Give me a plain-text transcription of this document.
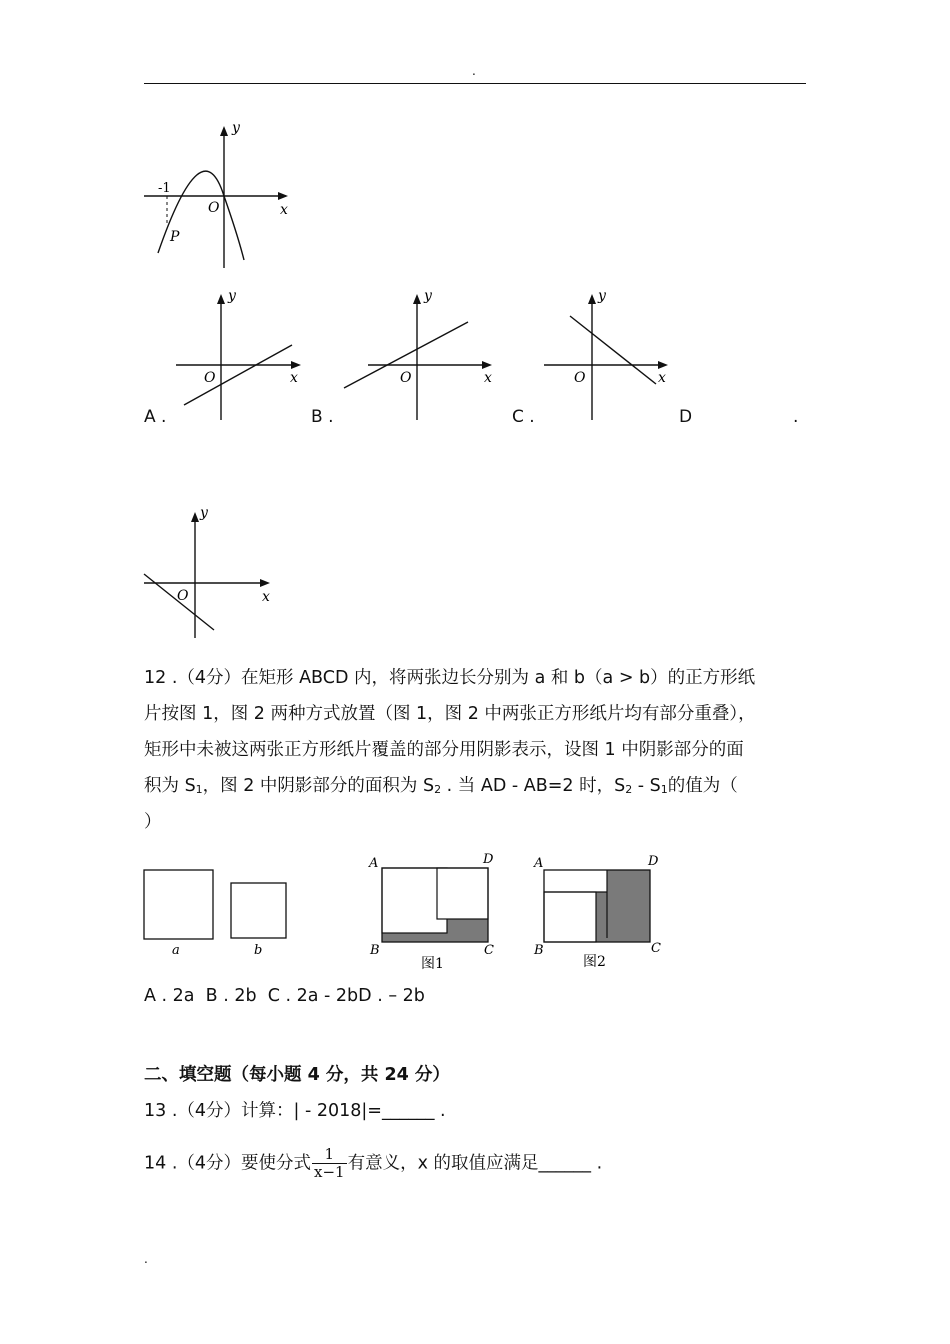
.
-1
O	x
y
P
O	x
y
O	x
y
O	x
y
A .	B .	C .	D	.
O	x
y
12 .（4分）在矩形 ABCD 内，将两张边长分别为 a 和 b（a > b）的正方形纸
片按图 1，图 2 两种方式放置（图 1，图 2 中两张正方形纸片均有部分重叠），
矩形中未被这两张正方形纸片覆盖的部分用阴影表示，设图 1 中阴影部分的面
积为 $S_1$，图 2 中阴影部分的面积为 $S_2$ . 当 AD - AB=2 时，$S_2 - S_1$的值为（
）
a	b
A	D
B	C
图1
A	D
B	C
图2
A . 2a  B . 2b  C . 2a - 2bD . – 2b
二、填空题（每小题 4 分，共 24 分）
13 .（4分）计算：| - 2018|=______ .
14 .（4分）要使分式 $\frac{1}{x-1}$ 有意义，x 的取值应满足______ .
.
